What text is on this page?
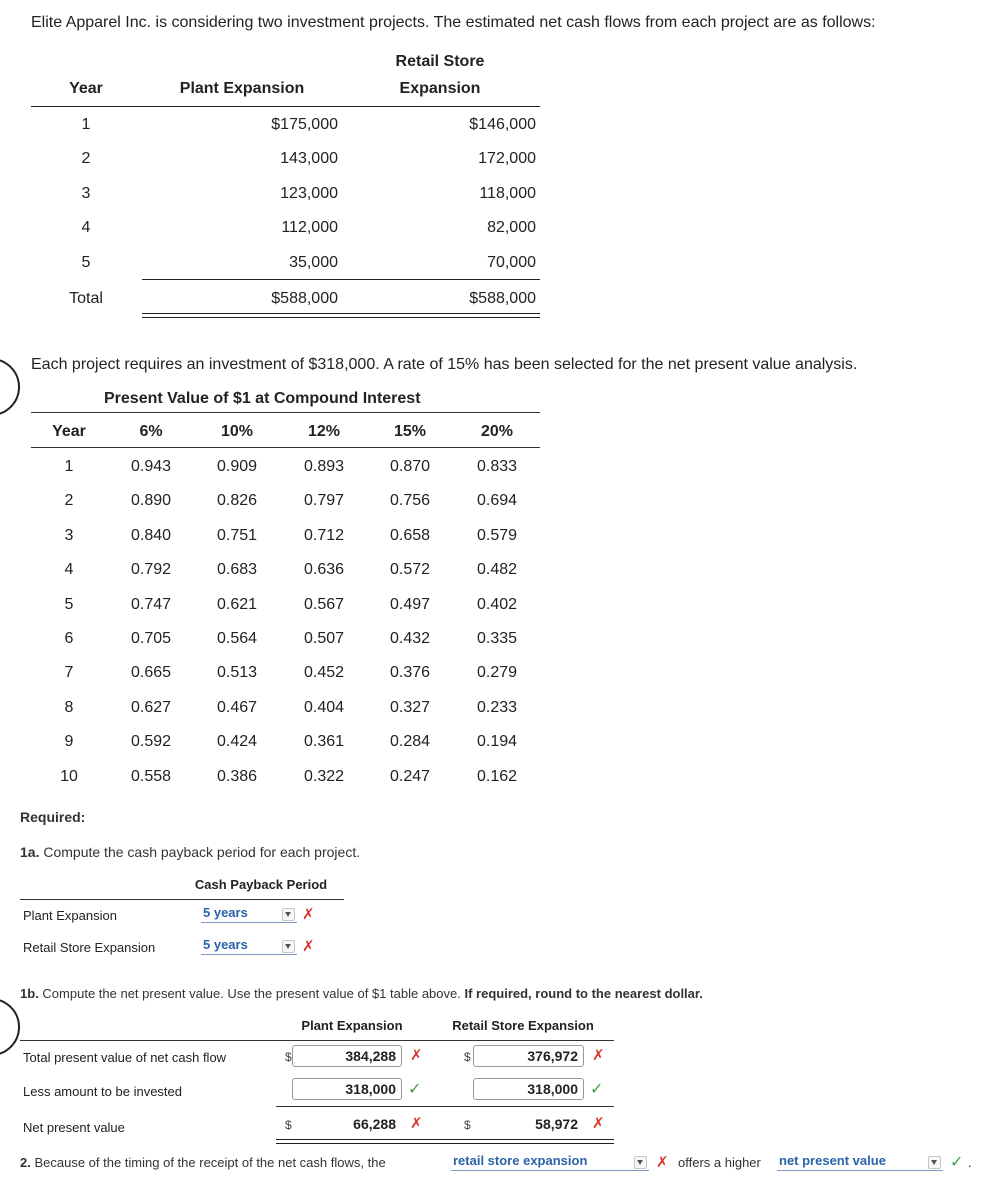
Elite Apparel Inc. is considering two investment projects. The estimated net cash flows from each project are as follows:
Retail Store
Year	Plant Expansion	Expansion
1	$175,000	$146,000
2	143,000	172,000
3	123,000	118,000
4	112,000	82,000
5	35,000	70,000
Total	$588,000	$588,000
Each project requires an investment of $318,000. A rate of 15% has been selected for the net present value analysis.
Present Value of $1 at Compound Interest
Year	6%	10%	12%	15%	20%
1	0.943	0.909	0.893	0.870	0.833
2	0.890	0.826	0.797	0.756	0.694
3	0.840	0.751	0.712	0.658	0.579
4	0.792	0.683	0.636	0.572	0.482
5	0.747	0.621	0.567	0.497	0.402
6	0.705	0.564	0.507	0.432	0.335
7	0.665	0.513	0.452	0.376	0.279
8	0.627	0.467	0.404	0.327	0.233
9	0.592	0.424	0.361	0.284	0.194
10	0.558	0.386	0.322	0.247	0.162
Required:
1a. Compute the cash payback period for each project.
Cash Payback Period
Plant Expansion	5 years	✗
Retail Store Expansion	5 years	✗
1b. Compute the net present value. Use the present value of $1 table above. If required, round to the nearest dollar.
Plant Expansion	Retail Store Expansion
Total present value of net cash flow	$	384,288 ✗	$	376,972 ✗
Less amount to be invested	318,000 ✓	318,000 ✓
Net present value	$	66,288 ✗	$	58,972 ✗
2. Because of the timing of the receipt of the net cash flows, the	retail store expansion	✗ offers a higher net present value	✓ .
